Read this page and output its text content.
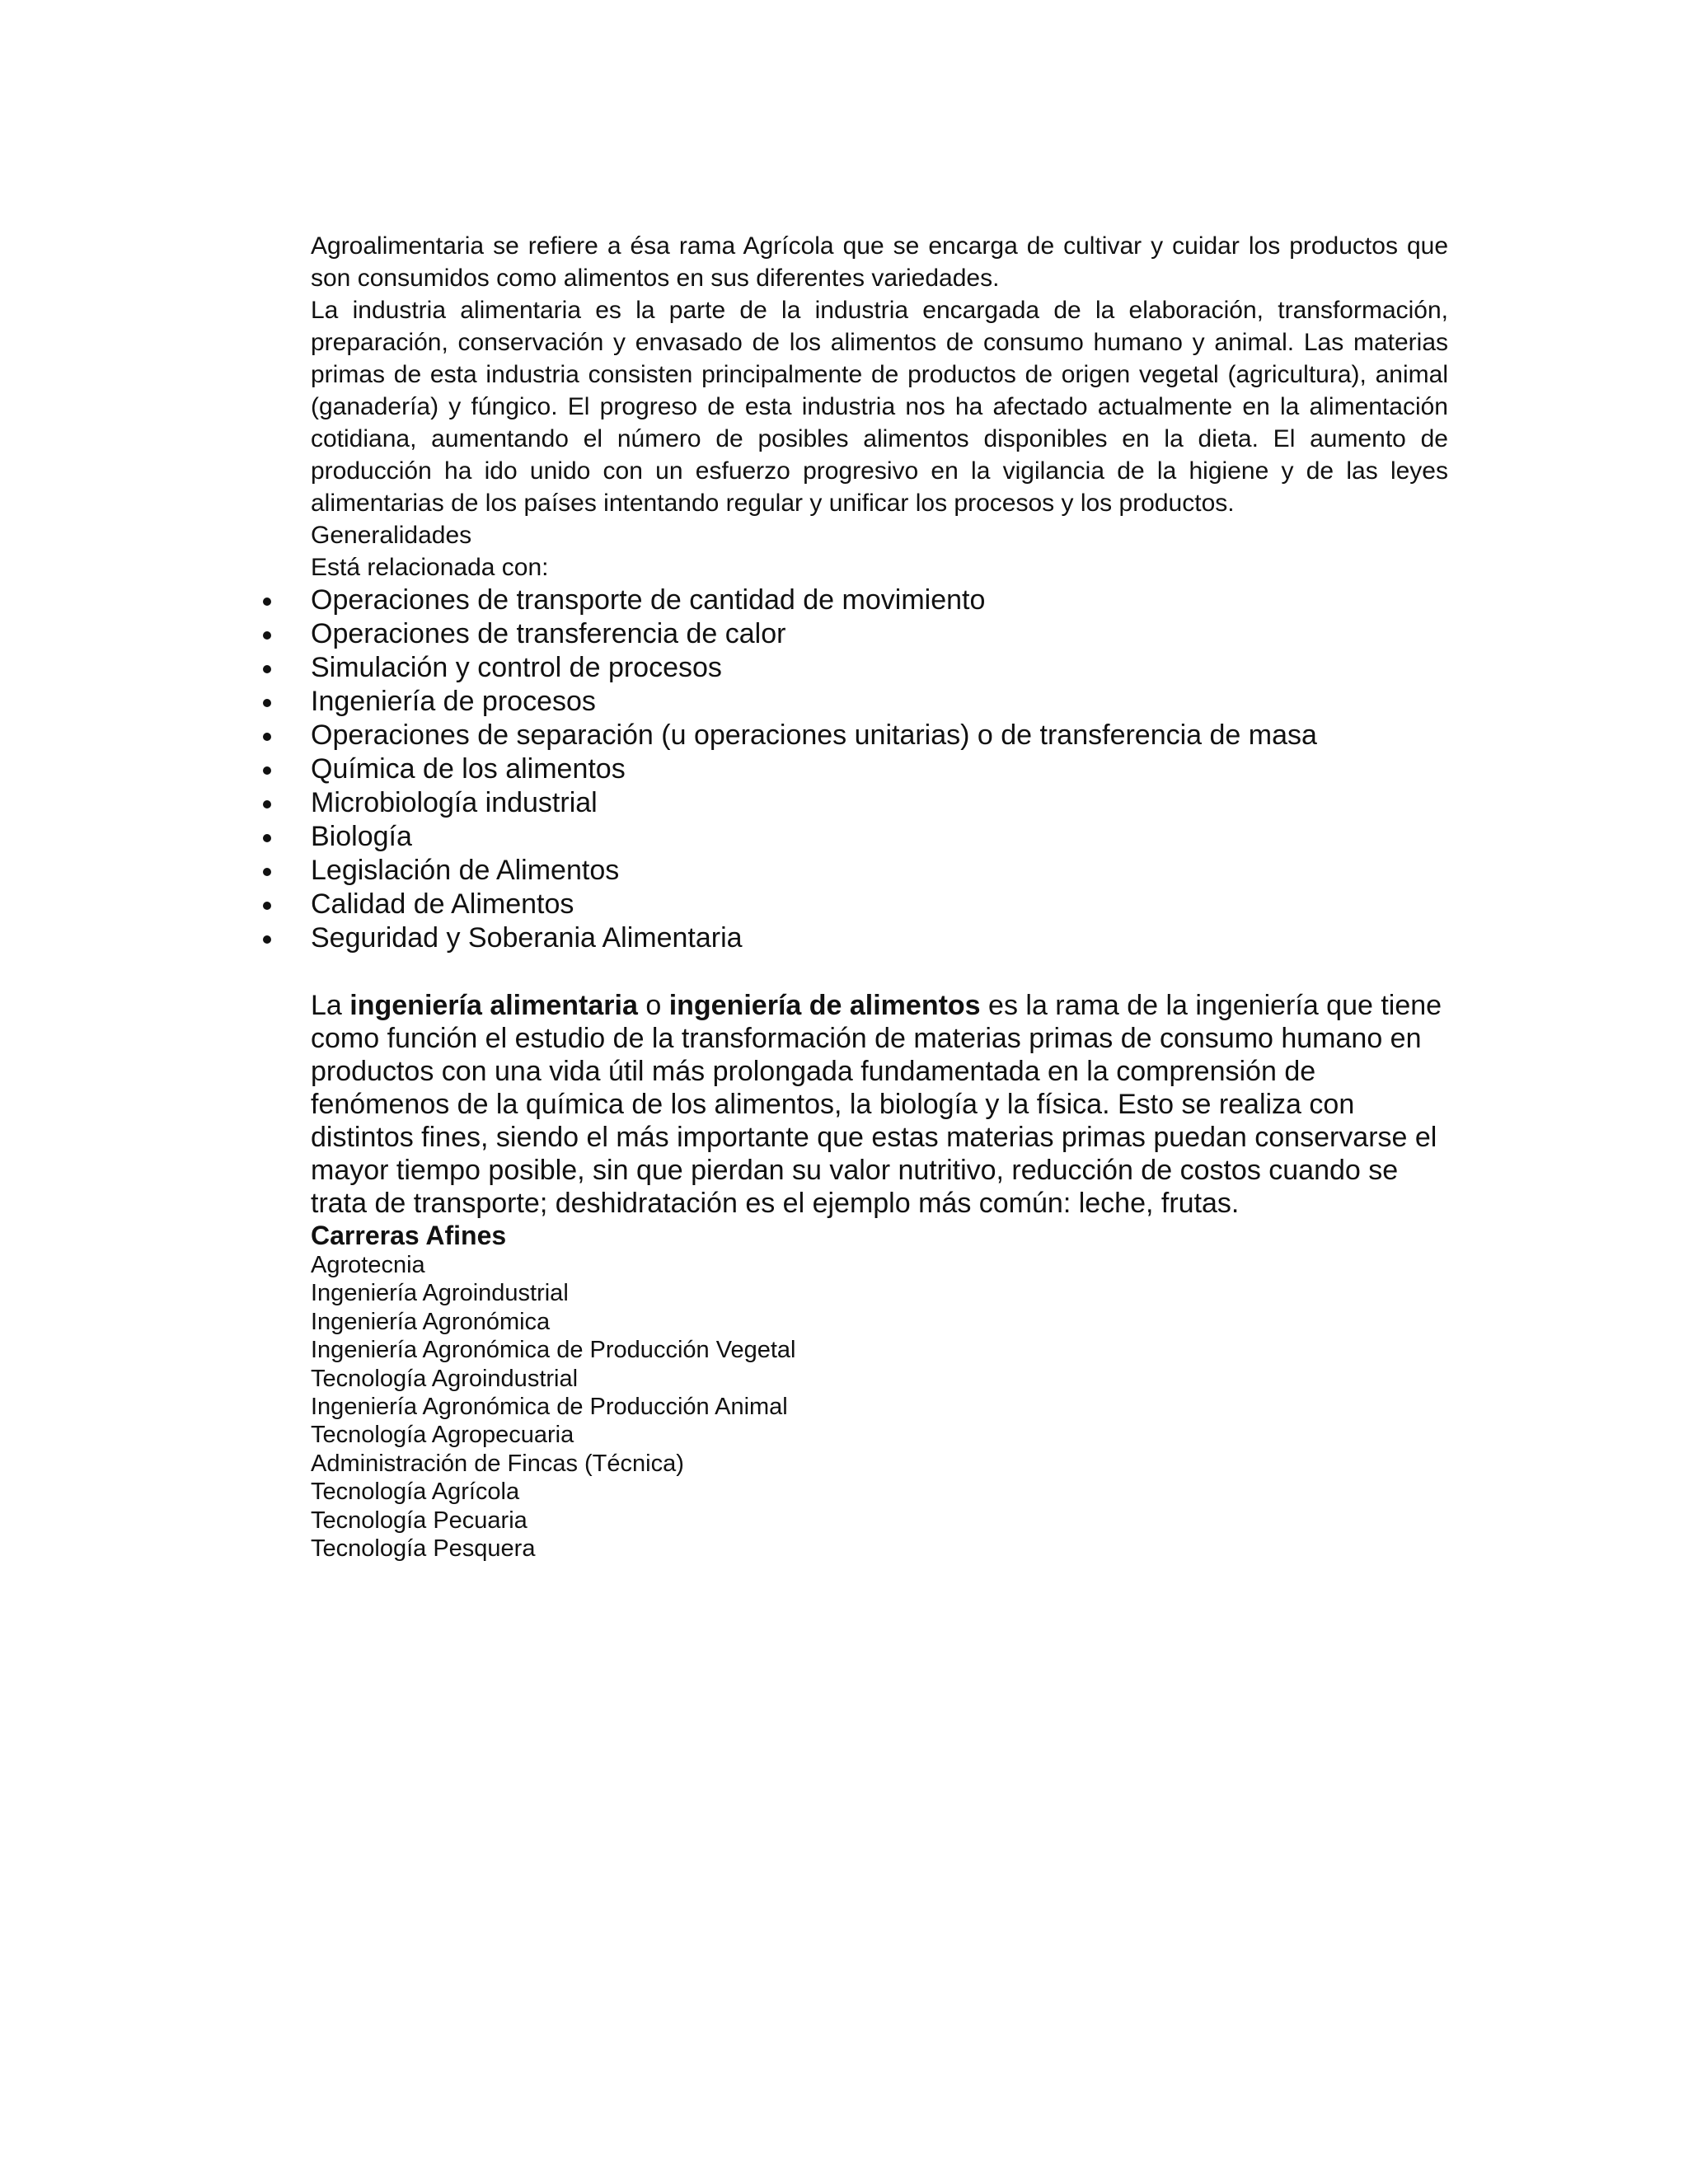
Agroalimentaria se refiere a ésa rama Agrícola que se encarga de cultivar y cuidar los productos que son consumidos como alimentos en sus diferentes variedades.

La industria alimentaria es la parte de la industria encargada de la elaboración, transformación, preparación, conservación y envasado de los alimentos de consumo humano y animal. Las materias primas de esta industria consisten principalmente de productos de origen vegetal (agricultura), animal (ganadería) y fúngico. El progreso de esta industria nos ha afectado actualmente en la alimentación cotidiana, aumentando el número de posibles alimentos disponibles en la dieta. El aumento de producción ha ido unido con un esfuerzo progresivo en la vigilancia de la higiene y de las leyes alimentarias de los países intentando regular y unificar los procesos y los productos.

Generalidades

Está relacionada con:

Operaciones de transporte de cantidad de movimiento
Operaciones de transferencia de calor
Simulación y control de procesos
Ingeniería de procesos
Operaciones de separación (u operaciones unitarias) o de transferencia de masa
Química de los alimentos
Microbiología industrial
Biología
Legislación de Alimentos
Calidad de Alimentos
Seguridad y Soberania Alimentaria

La ingeniería alimentaria o ingeniería de alimentos es la rama de la ingeniería que tiene como función el estudio de la transformación de materias primas de consumo humano en productos con una vida útil más prolongada fundamentada en la comprensión de fenómenos de la química de los alimentos, la biología y la física. Esto se realiza con distintos fines, siendo el más importante que estas materias primas puedan conservarse el mayor tiempo posible, sin que pierdan su valor nutritivo, reducción de costos cuando se trata de transporte; deshidratación es el ejemplo más común: leche, frutas.

Carreras Afines

Agrotecnia
Ingeniería Agroindustrial
Ingeniería Agronómica
Ingeniería Agronómica de Producción Vegetal
Tecnología Agroindustrial
Ingeniería Agronómica de Producción Animal
Tecnología Agropecuaria
Administración de Fincas (Técnica)
Tecnología Agrícola
Tecnología Pecuaria
Tecnología Pesquera
